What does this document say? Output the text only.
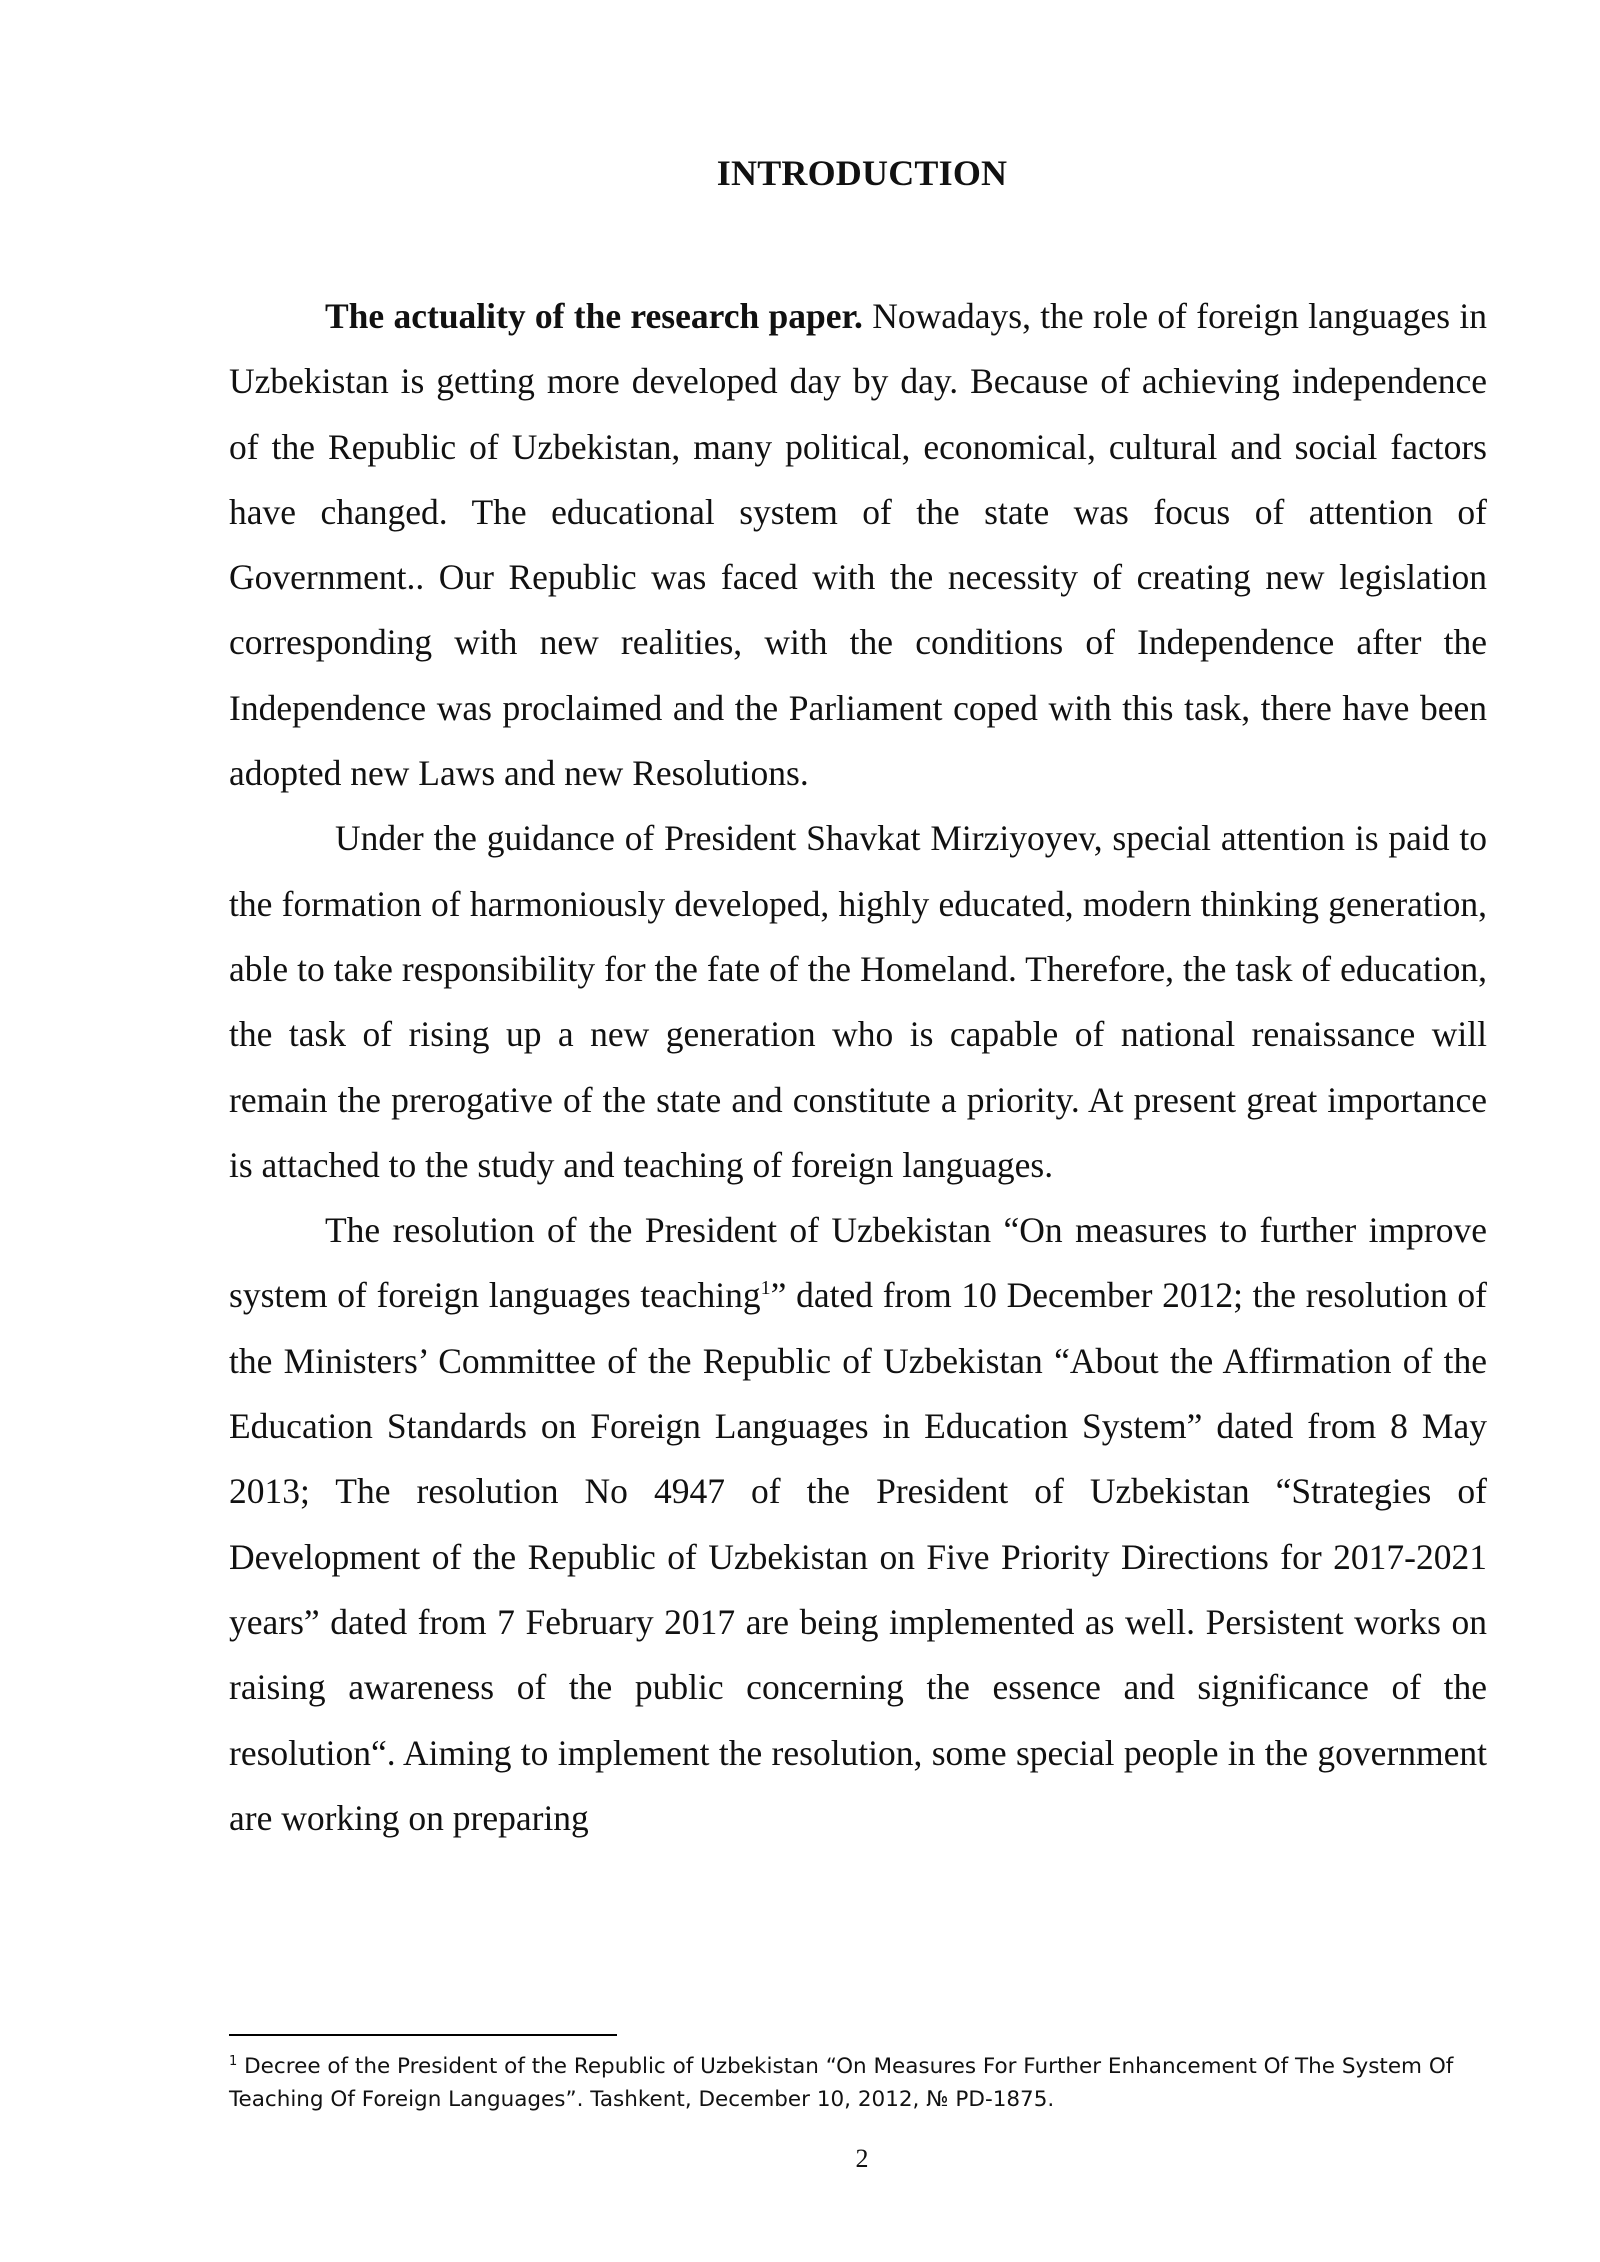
INTRODUCTION

The actuality of the research paper. Nowadays, the role of foreign languages in Uzbekistan is getting more developed day by day. Because of achieving independence of the Republic of Uzbekistan, many political, economical, cultural and social factors have changed. The educational system of the state was focus of attention of Government.. Our Republic was faced with the necessity of creating new legislation corresponding with new realities, with the conditions of Independence after the Independence was proclaimed and the Parliament coped with this task, there have been adopted new Laws and new Resolutions.

Under the guidance of President Shavkat Mirziyoyev, special attention is paid to the formation of harmoniously developed, highly educated, modern thinking generation, able to take responsibility for the fate of the Homeland. Therefore, the task of education, the task of rising up a new generation who is capable of national renaissance will remain the prerogative of the state and constitute a priority. At present great importance is attached to the study and teaching of foreign languages.

The resolution of the President of Uzbekistan “On measures to further improve system of foreign languages teaching$^1$” dated from 10 December 2012; the resolution of the Ministers’ Committee of the Republic of Uzbekistan “About the Affirmation of the Education Standards on Foreign Languages in Education System” dated from 8 May 2013; The resolution No 4947 of the President of Uzbekistan “Strategies of Development of the Republic of Uzbekistan on Five Priority Directions for 2017-2021 years” dated from 7 February 2017 are being implemented as well. Persistent works on raising awareness of the public concerning the essence and significance of the resolution“. Aiming to implement the resolution, some special people in the government are working on preparing

$^1$ Decree of the President of the Republic of Uzbekistan “On Measures For Further Enhancement Of The System Of Teaching Of Foreign Languages”. Tashkent, December 10, 2012, № PD-1875.

2
